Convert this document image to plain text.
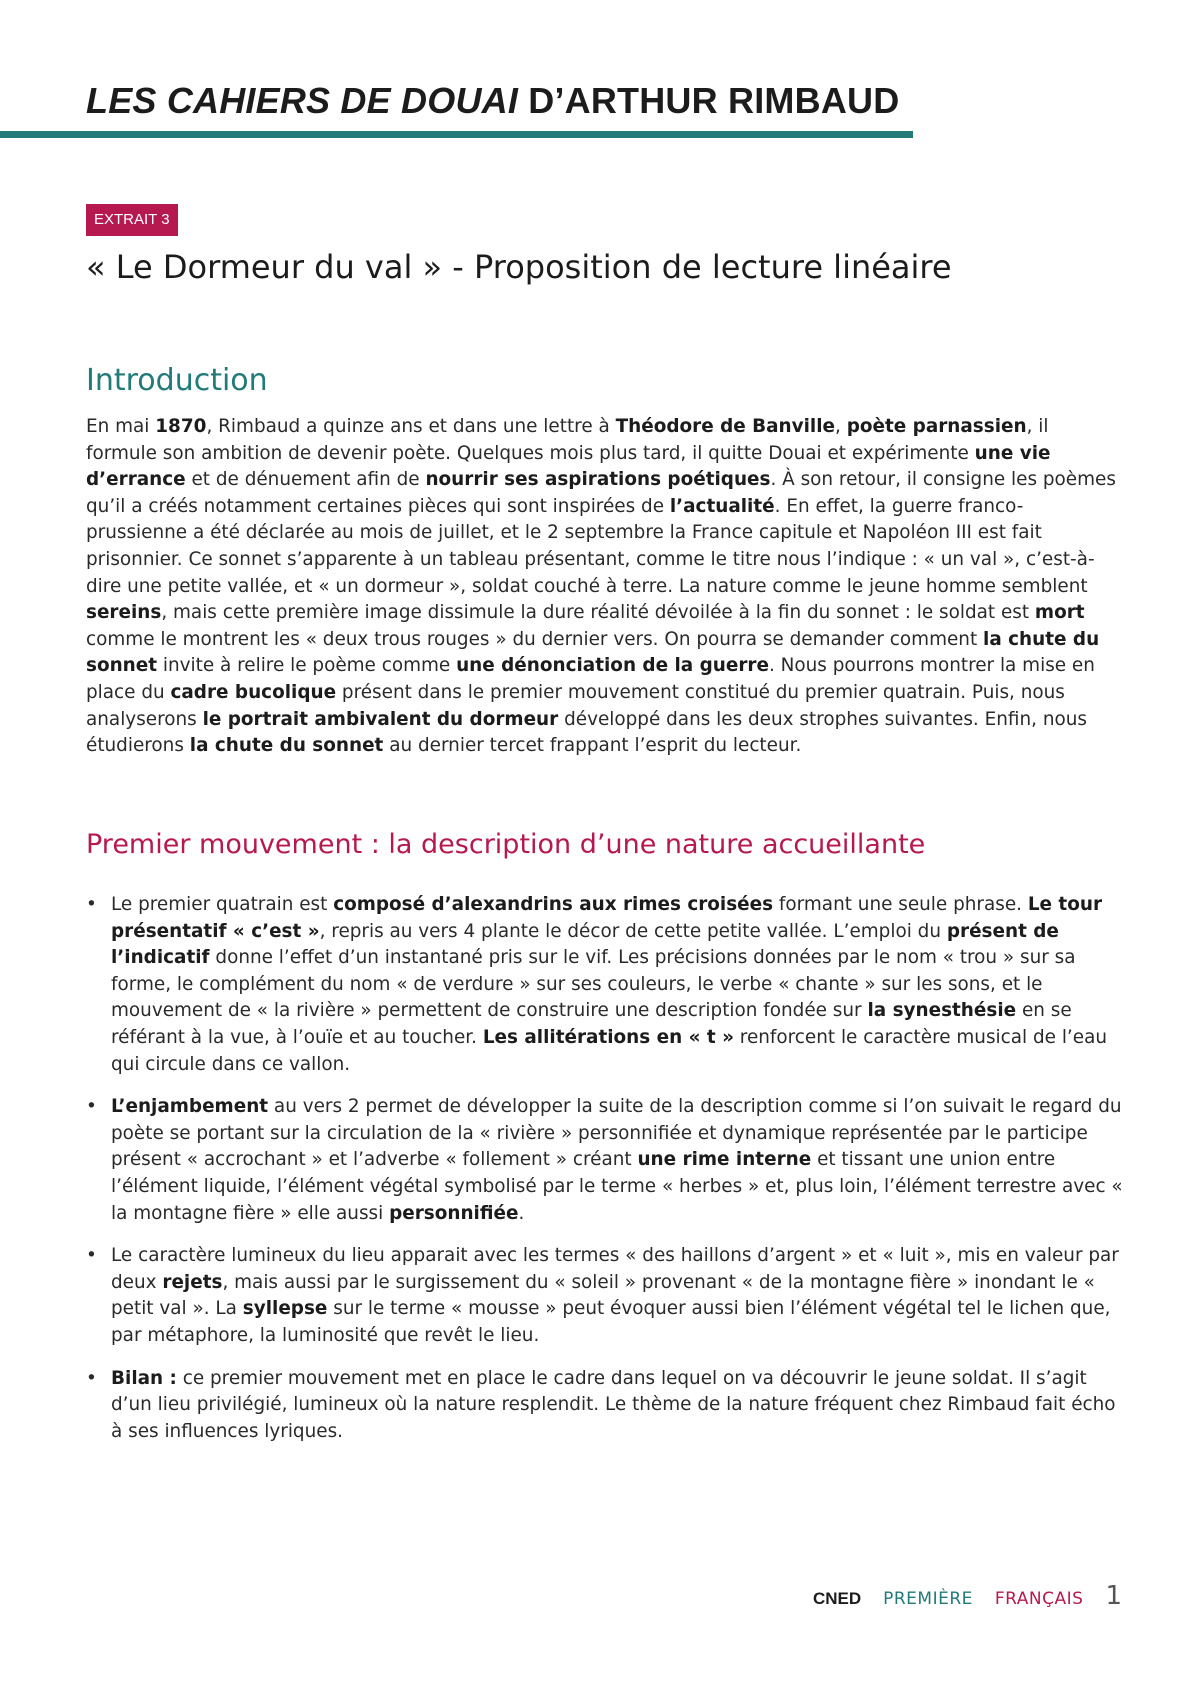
LES CAHIERS DE DOUAI D’ARTHUR RIMBAUD
EXTRAIT 3
« Le Dormeur du val » - Proposition de lecture linéaire
Introduction

En mai 1870, Rimbaud a quinze ans et dans une lettre à Théodore de Banville, poète parnassien, il formule son ambition de devenir poète. Quelques mois plus tard, il quitte Douai et expérimente une vie d’errance et de dénuement afin de nourrir ses aspirations poétiques. À son retour, il consigne les poèmes qu’il a créés notamment certaines pièces qui sont inspirées de l’actualité. En effet, la guerre franco-prussienne a été déclarée au mois de juillet, et le 2 septembre la France capitule et Napoléon III est fait prisonnier. Ce sonnet s’apparente à un tableau présentant, comme le titre nous l’indique : « un val », c’est-à-dire une petite vallée, et « un dormeur », soldat couché à terre. La nature comme le jeune homme semblent sereins, mais cette première image dissimule la dure réalité dévoilée à la fin du sonnet : le soldat est mort comme le montrent les « deux trous rouges » du dernier vers. On pourra se demander comment la chute du sonnet invite à relire le poème comme une dénonciation de la guerre. Nous pourrons montrer la mise en place du cadre bucolique présent dans le premier mouvement constitué du premier quatrain. Puis, nous analyserons le portrait ambivalent du dormeur développé dans les deux strophes suivantes. Enfin, nous étudierons la chute du sonnet au dernier tercet frappant l’esprit du lecteur.

Premier mouvement : la description d’une nature accueillante
• Le premier quatrain est composé d’alexandrins aux rimes croisées formant une seule phrase. Le tour présentatif « c’est », repris au vers 4 plante le décor de cette petite vallée. L’emploi du présent de l’indicatif donne l’effet d’un instantané pris sur le vif. Les précisions données par le nom « trou » sur sa forme, le complément du nom « de verdure » sur ses couleurs, le verbe « chante » sur les sons, et le mouvement de « la rivière » permettent de construire une description fondée sur la synesthésie en se référant à la vue, à l’ouïe et au toucher. Les allitérations en « t » renforcent le caractère musical de l’eau qui circule dans ce vallon.
• L’enjambement au vers 2 permet de développer la suite de la description comme si l’on suivait le regard du poète se portant sur la circulation de la « rivière » personnifiée et dynamique représentée par le participe présent « accrochant » et l’adverbe « follement » créant une rime interne et tissant une union entre l’élément liquide, l’élément végétal symbolisé par le terme « herbes » et, plus loin, l’élément terrestre avec « la montagne fière » elle aussi personnifiée.
• Le caractère lumineux du lieu apparait avec les termes « des haillons d’argent » et « luit », mis en valeur par deux rejets, mais aussi par le surgissement du « soleil » provenant « de la montagne fière » inondant le « petit val ». La syllepse sur le terme « mousse » peut évoquer aussi bien l’élément végétal tel le lichen que, par métaphore, la luminosité que revêt le lieu.
• Bilan : ce premier mouvement met en place le cadre dans lequel on va découvrir le jeune soldat. Il s’agit d’un lieu privilégié, lumineux où la nature resplendit. Le thème de la nature fréquent chez Rimbaud fait écho à ses influences lyriques.
CNED PREMIÈRE FRANÇAIS 1
